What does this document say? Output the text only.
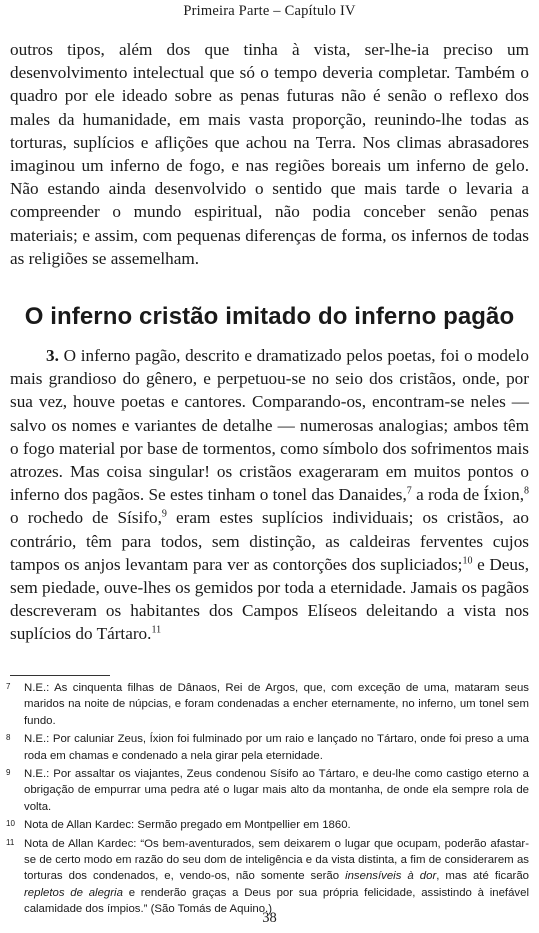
Primeira Parte – Capítulo IV

outros tipos, além dos que tinha à vista, ser-lhe-ia preciso um desenvolvimento intelectual que só o tempo deveria completar. Também o quadro por ele ideado sobre as penas futuras não é senão o reflexo dos males da humanidade, em mais vasta proporção, reunindo-lhe todas as torturas, suplícios e aflições que achou na Terra. Nos climas abrasadores imaginou um inferno de fogo, e nas regiões boreais um inferno de gelo. Não estando ainda desenvolvido o sentido que mais tarde o levaria a compreender o mundo espiritual, não podia conceber senão penas materiais; e assim, com pequenas diferenças de forma, os infernos de todas as religiões se assemelham.

O inferno cristão imitado do inferno pagão

3. O inferno pagão, descrito e dramatizado pelos poetas, foi o modelo mais grandioso do gênero, e perpetuou-se no seio dos cristãos, onde, por sua vez, houve poetas e cantores. Comparando-os, encontram-se neles — salvo os nomes e variantes de detalhe — numerosas analogias; ambos têm o fogo material por base de tormentos, como símbolo dos sofrimentos mais atrozes. Mas coisa singular! os cristãos exageraram em muitos pontos o inferno dos pagãos. Se estes tinham o tonel das Danaides,$^7$ a roda de Íxion,$^8$ o rochedo de Sísifo,$^9$ eram estes suplícios individuais; os cristãos, ao contrário, têm para todos, sem distinção, as caldeiras ferventes cujos tampos os anjos levantam para ver as contorções dos supliciados;$^{10}$ e Deus, sem piedade, ouve-lhes os gemidos por toda a eternidade. Jamais os pagãos descreveram os habitantes dos Campos Elíseos deleitando a vista nos suplícios do Tártaro.$^{11}$

7 N.E.: As cinquenta filhas de Dânaos, Rei de Argos, que, com exceção de uma, mataram seus maridos na noite de núpcias, e foram condenadas a encher eternamente, no inferno, um tonel sem fundo.
8 N.E.: Por caluniar Zeus, Íxion foi fulminado por um raio e lançado no Tártaro, onde foi preso a uma roda em chamas e condenado a nela girar pela eternidade.
9 N.E.: Por assaltar os viajantes, Zeus condenou Sísifo ao Tártaro, e deu-lhe como castigo eterno a obrigação de empurrar uma pedra até o lugar mais alto da montanha, de onde ela sempre rola de volta.
10 Nota de Allan Kardec: Sermão pregado em Montpellier em 1860.
11 Nota de Allan Kardec: “Os bem-aventurados, sem deixarem o lugar que ocupam, poderão afastar-se de certo modo em razão do seu dom de inteligência e da vista distinta, a fim de considerarem as torturas dos condenados, e, vendo-os, não somente serão insensíveis à dor, mas até ficarão repletos de alegria e renderão graças a Deus por sua própria felicidade, assistindo à inefável calamidade dos ímpios.” (São Tomás de Aquino.)
38
